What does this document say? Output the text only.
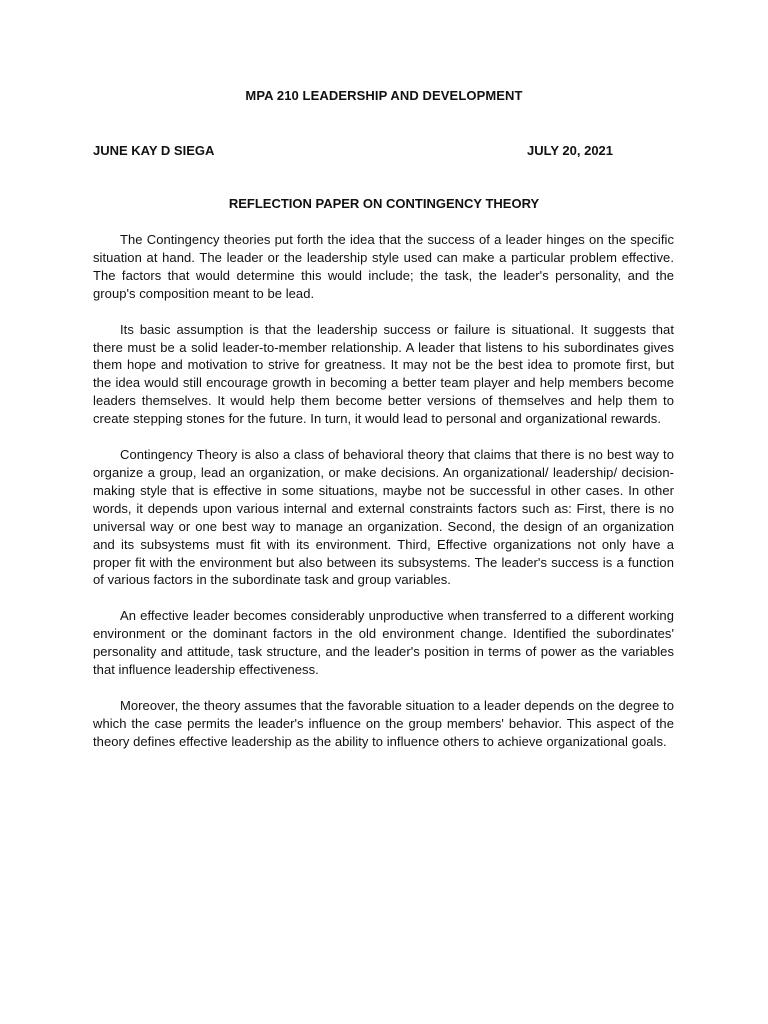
MPA 210 LEADERSHIP AND DEVELOPMENT
JUNE KAY D SIEGA	JULY 20, 2021
REFLECTION PAPER ON CONTINGENCY THEORY

The Contingency theories put forth the idea that the success of a leader hinges on the specific situation at hand. The leader or the leadership style used can make a particular problem effective. The factors that would determine this would include; the task, the leader's personality, and the group's composition meant to be lead.

Its basic assumption is that the leadership success or failure is situational. It suggests that there must be a solid leader-to-member relationship. A leader that listens to his subordinates gives them hope and motivation to strive for greatness. It may not be the best idea to promote first, but the idea would still encourage growth in becoming a better team player and help members become leaders themselves. It would help them become better versions of themselves and help them to create stepping stones for the future. In turn, it would lead to personal and organizational rewards.

Contingency Theory is also a class of behavioral theory that claims that there is no best way to organize a group, lead an organization, or make decisions. An organizational/ leadership/ decision-making style that is effective in some situations, maybe not be successful in other cases. In other words, it depends upon various internal and external constraints factors such as: First, there is no universal way or one best way to manage an organization. Second, the design of an organization and its subsystems must fit with its environment. Third, Effective organizations not only have a proper fit with the environment but also between its subsystems. The leader's success is a function of various factors in the subordinate task and group variables.

An effective leader becomes considerably unproductive when transferred to a different working environment or the dominant factors in the old environment change. Identified the subordinates' personality and attitude, task structure, and the leader's position in terms of power as the variables that influence leadership effectiveness.

Moreover, the theory assumes that the favorable situation to a leader depends on the degree to which the case permits the leader's influence on the group members' behavior. This aspect of the theory defines effective leadership as the ability to influence others to achieve organizational goals.
